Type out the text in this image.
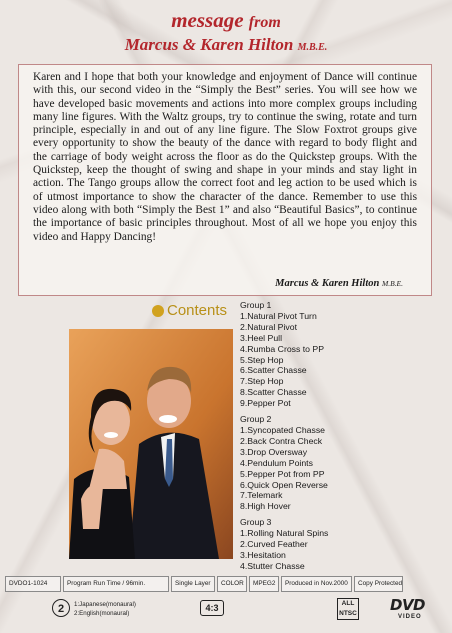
message from
Marcus & Karen Hilton M.B.E.

Karen and I hope that both your knowledge and enjoyment of Dance will continue with this, our second video in the “Simply the Best” series. You will see how we have developed basic movements and actions into more complex groups including many line figures. With the Waltz groups, try to continue the swing, rotate and turn principle, especially in and out of any line figure. The Slow Foxtrot groups give every opportunity to show the beauty of the dance with regard to body flight and the carriage of body weight across the floor as do the Quickstep groups. With the Quickstep, keep the thought of swing and shape in your minds and stay light in action. The Tango groups allow the correct foot and leg action to be used which is of utmost importance to show the character of the dance. Remember to use this video along with both “Simply the Best 1” and also “Beautiful Basics”, to continue the importance of basic principles throughout. Most of all we hope you enjoy this video and Happy Dancing!

Marcus & Karen Hilton M.B.E.
Contents Group 1
1.Natural Pivot Turn
2.Natural Pivot
3.Heel Pull
4.Rumba Cross to PP
5.Step Hop
6.Scatter Chasse
7.Step Hop
8.Scatter Chasse
9.Pepper Pot
Group 2
1.Syncopated Chasse
2.Back Contra Check
3.Drop Oversway
4.Pendulum Points
5.Pepper Pot from PP
6.Quick Open Reverse
7.Telemark
8.High Hover
Group 3
1.Rolling Natural Spins
2.Curved Feather
3.Hesitation
4.Stutter Chasse
DVDO1-1024	Program Run Time / 96min.	Single Layer	COLOR	MPEG2	Produced in Nov.2000	Copy Protected
2	1:Japanese(monaural)
2:English(monaural)
4:3	ALL
NTSC DVD
VIDEO
